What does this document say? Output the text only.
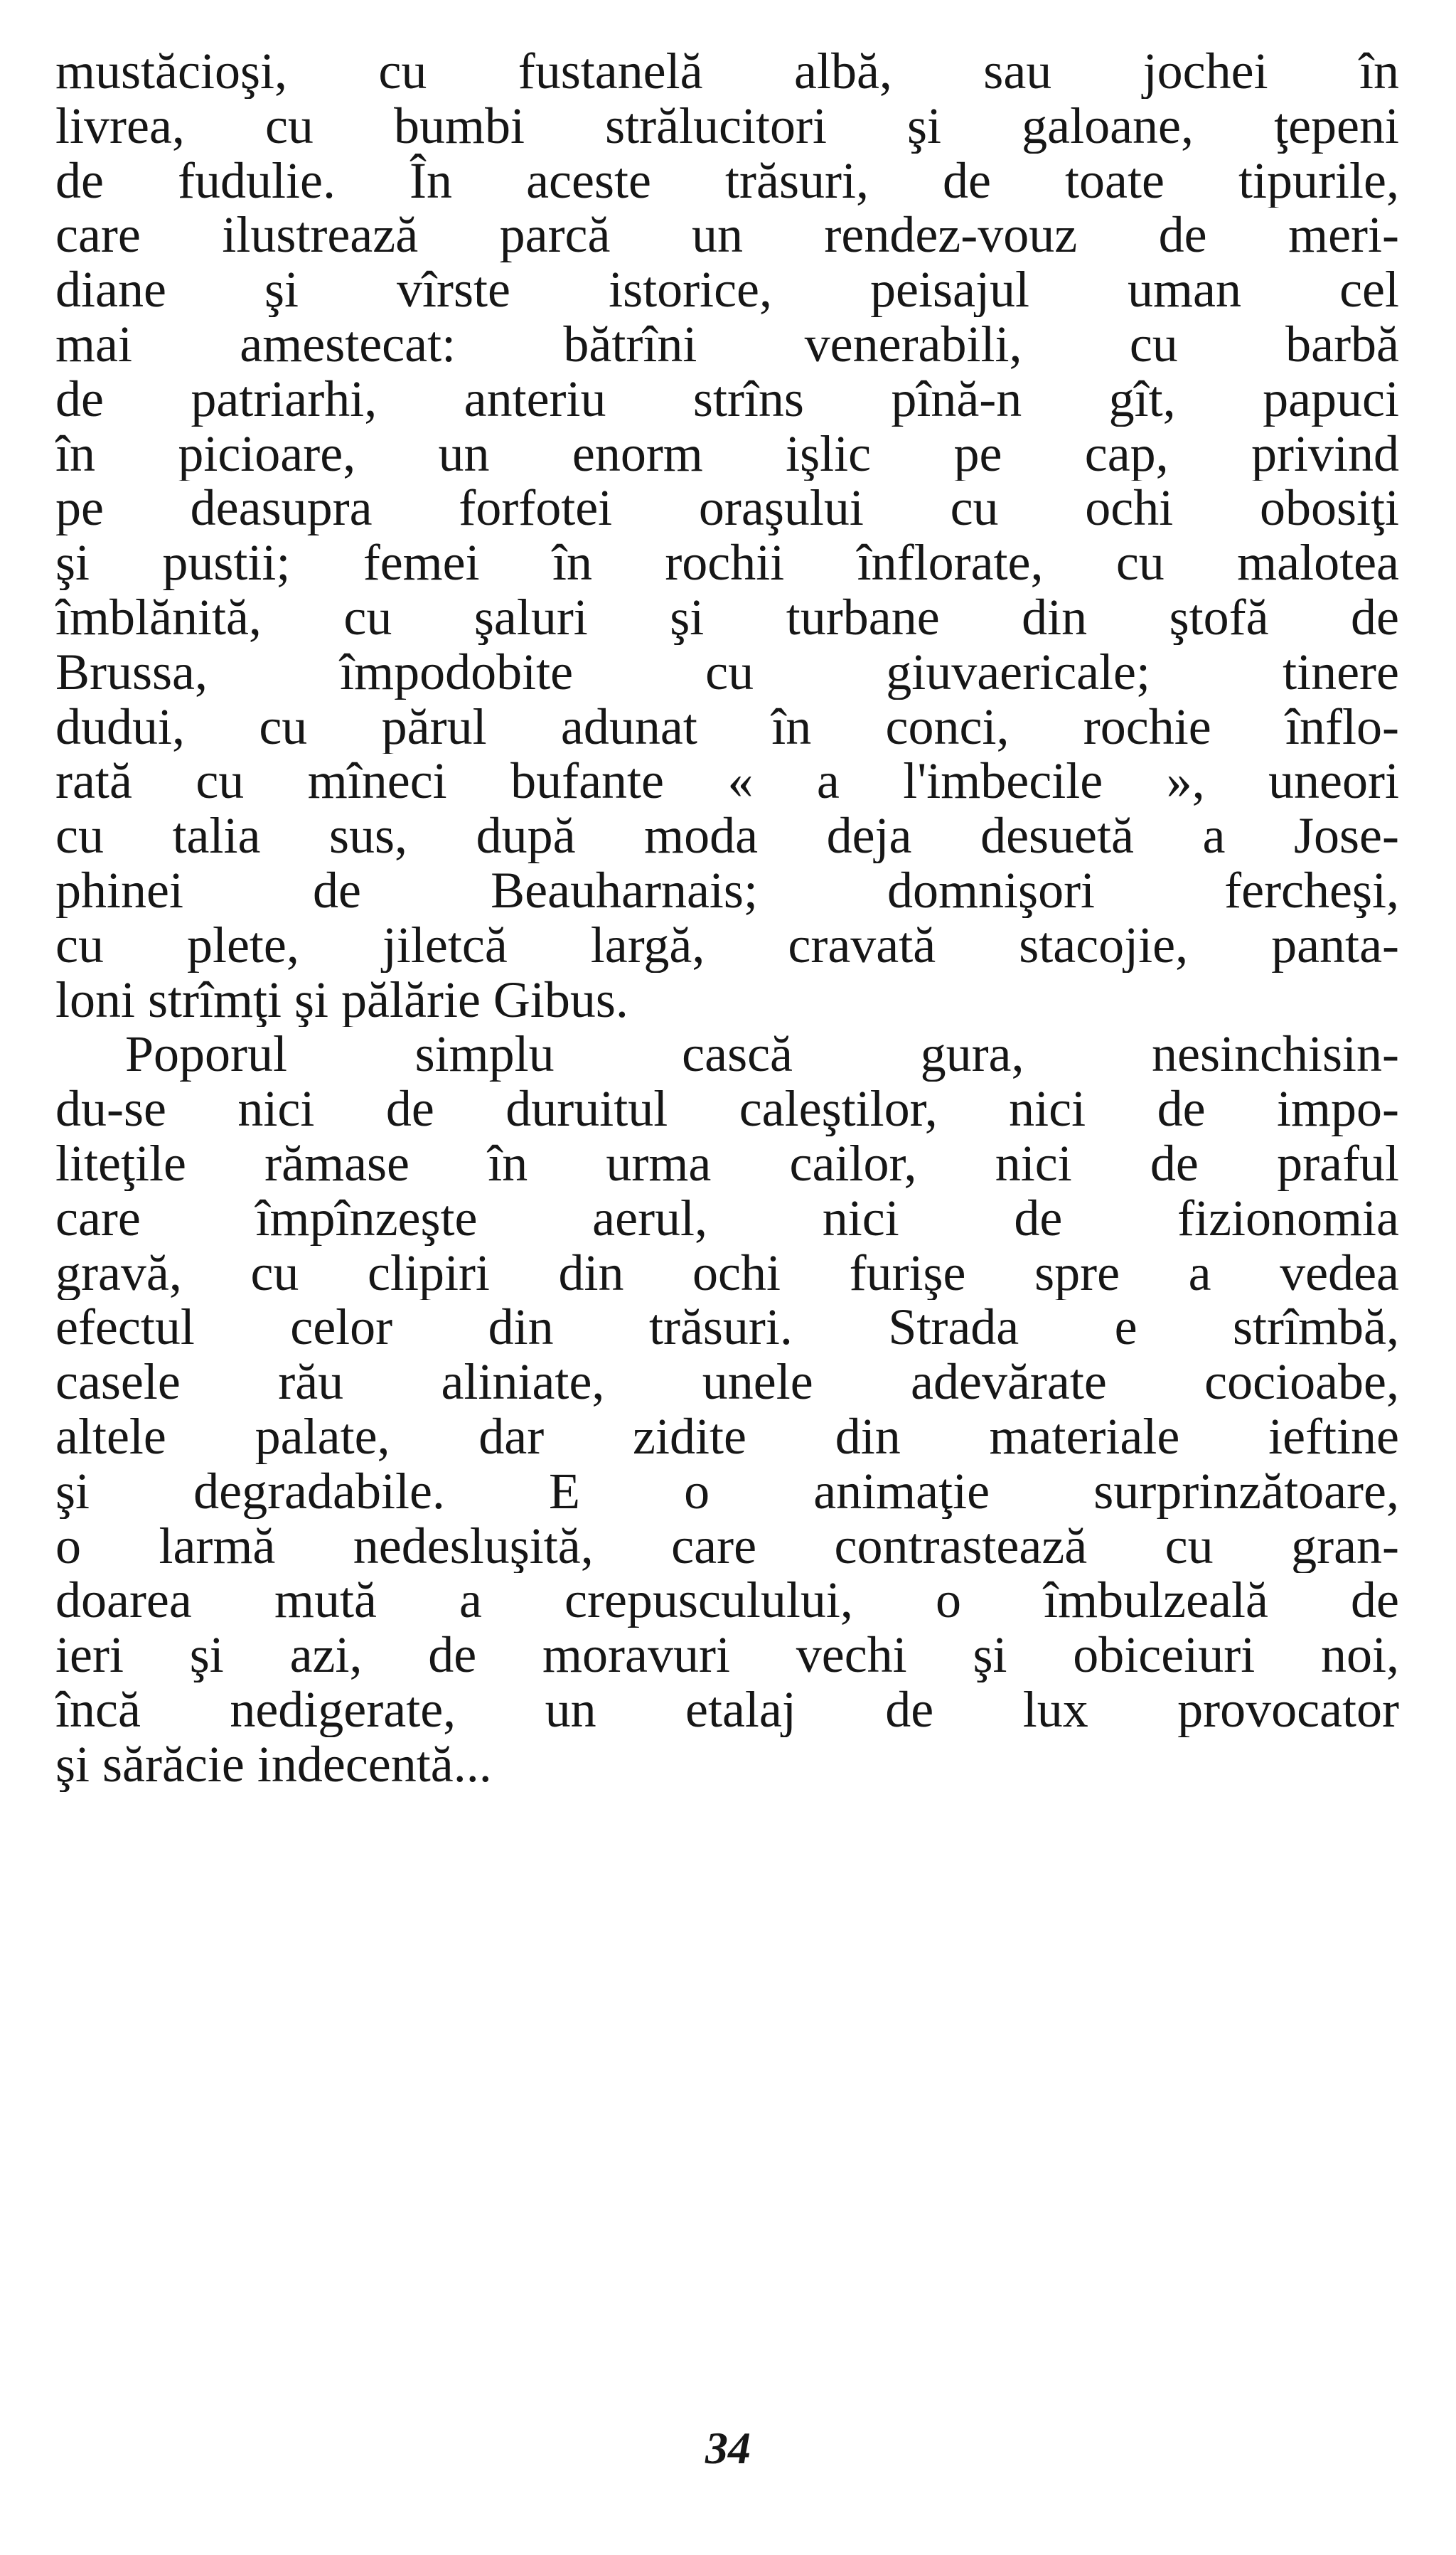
mustăcioşi, cu fustanelă albă, sau jochei în
livrea, cu bumbi strălucitori şi galoane, ţepeni
de fudulie. În aceste trăsuri, de toate tipurile,
care ilustrează parcă un rendez-vouz de meri-
diane şi vîrste istorice, peisajul uman cel
mai amestecat: bătrîni venerabili, cu barbă
de patriarhi, anteriu strîns pînă-n gît, papuci
în picioare, un enorm işlic pe cap, privind
pe deasupra forfotei oraşului cu ochi obosiţi
şi pustii; femei în rochii înflorate, cu malotea
îmblănită, cu şaluri şi turbane din ştofă de
Brussa, împodobite cu giuvaericale; tinere
dudui, cu părul adunat în conci, rochie înflo-
rată cu mîneci bufante « a l'imbecile », uneori
cu talia sus, după moda deja desuetă a Jose-
phinei de Beauharnais; domnişori fercheşi,
cu plete, jiletcă largă, cravată stacojie, panta-
loni strîmţi şi pălărie Gibus.
Poporul simplu cască gura, nesinchisin-
du-se nici de duruitul caleştilor, nici de impo-
liteţile rămase în urma cailor, nici de praful
care împînzeşte aerul, nici de fizionomia
gravă, cu clipiri din ochi furişe spre a vedea
efectul celor din trăsuri. Strada e strîmbă,
casele rău aliniate, unele adevărate cocioabe,
altele palate, dar zidite din materiale ieftine
şi degradabile. E o animaţie surprinzătoare,
o larmă nedesluşită, care contrastează cu gran-
doarea mută a crepusculului, o îmbulzeală de
ieri şi azi, de moravuri vechi şi obiceiuri noi,
încă nedigerate, un etalaj de lux provocator
şi sărăcie indecentă...
34
